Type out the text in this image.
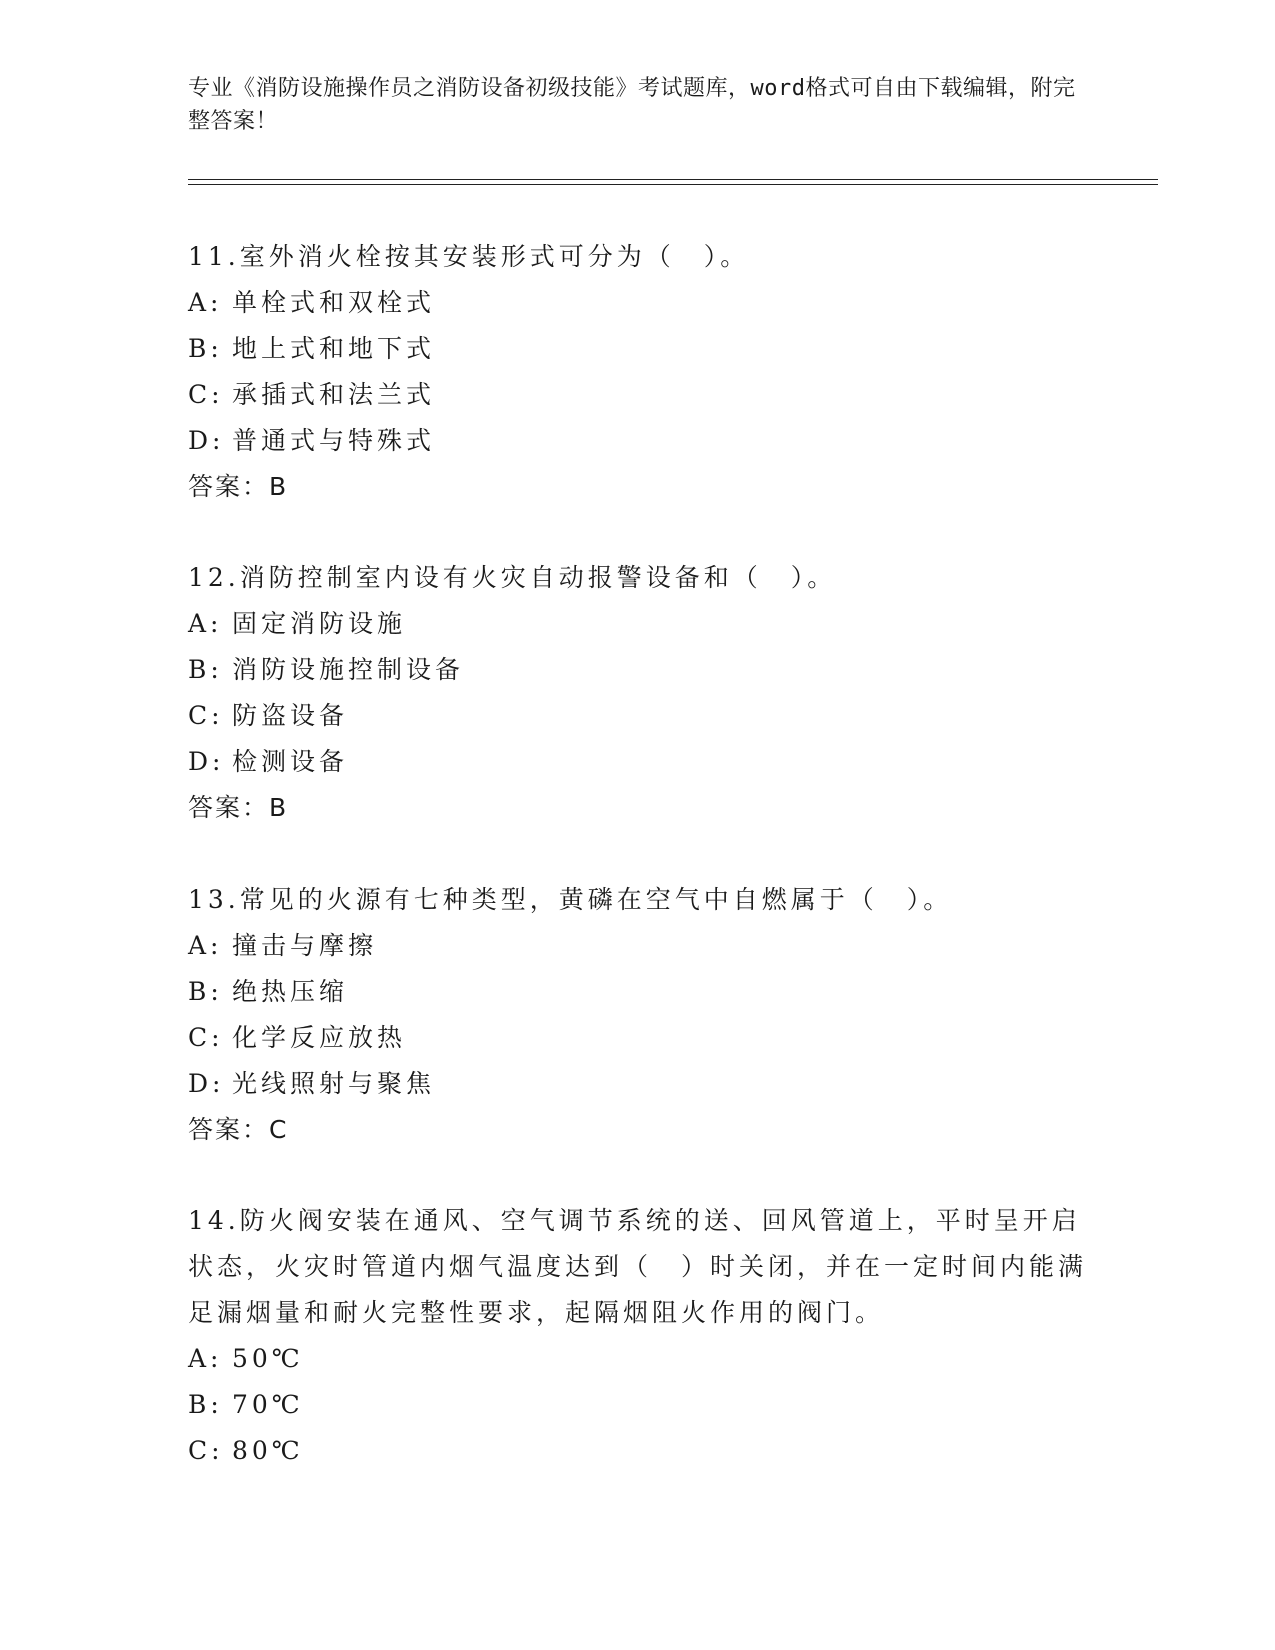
专业《消防设施操作员之消防设备初级技能》考试题库，word格式可自由下载编辑，附完整答案！

11.室外消火栓按其安装形式可分为（　）。

A: 单栓式和双栓式
B: 地上式和地下式
C: 承插式和法兰式
D: 普通式与特殊式
答案：B

12.消防控制室内设有火灾自动报警设备和（　）。

A: 固定消防设施
B: 消防设施控制设备
C: 防盗设备
D: 检测设备
答案：B

13.常见的火源有七种类型，黄磷在空气中自燃属于（　）。

A: 撞击与摩擦
B: 绝热压缩
C: 化学反应放热
D: 光线照射与聚焦
答案：C

14.防火阀安装在通风、空气调节系统的送、回风管道上，平时呈开启状态，火灾时管道内烟气温度达到（　）时关闭，并在一定时间内能满足漏烟量和耐火完整性要求，起隔烟阻火作用的阀门。

A: 50℃
B: 70℃
C: 80℃
